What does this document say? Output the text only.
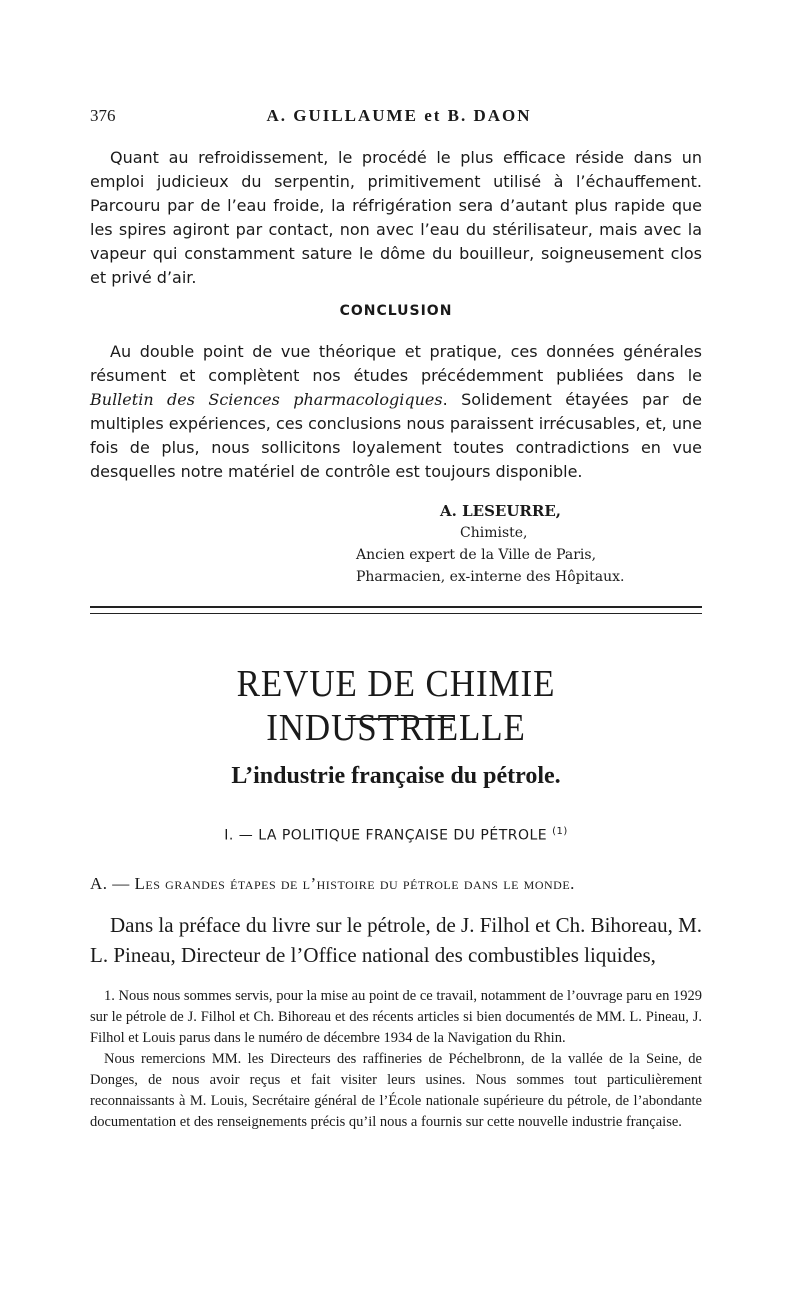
376	A. GUILLAUME et B. DAON

Quant au refroidissement, le procédé le plus efficace réside dans un emploi judicieux du serpentin, primitivement utilisé à l’échauffement. Parcouru par de l’eau froide, la réfrigération sera d’autant plus rapide que les spires agiront par contact, non avec l’eau du stérilisateur, mais avec la vapeur qui constamment sature le dôme du bouilleur, soigneusement clos et privé d’air.

CONCLUSION

Au double point de vue théorique et pratique, ces données générales résument et complètent nos études précédemment publiées dans le Bulletin des Sciences pharmacologiques. Solidement étayées par de multiples expériences, ces conclusions nous paraissent irrécusables, et, une fois de plus, nous sollicitons loyalement toutes contradictions en vue desquelles notre matériel de contrôle est toujours disponible.

A. LESEURRE,
Chimiste,
Ancien expert de la Ville de Paris,
Pharmacien, ex-interne des Hôpitaux.
REVUE DE CHIMIE INDUSTRIELLE
L’industrie française du pétrole.
I. — LA POLITIQUE FRANÇAISE DU PÉTROLE $^{(1)}$
A. — Les grandes étapes de l’histoire du pétrole dans le monde.

Dans la préface du livre sur le pétrole, de J. Filhol et Ch. Bihoreau, M. L. Pineau, Directeur de l’Office national des combustibles liquides,

1. Nous nous sommes servis, pour la mise au point de ce travail, notamment de l’ouvrage paru en 1929 sur le pétrole de J. Filhol et Ch. Bihoreau et des récents articles si bien documentés de MM. L. Pineau, J. Filhol et Louis parus dans le numéro de décembre 1934 de la Navigation du Rhin.

Nous remercions MM. les Directeurs des raffineries de Péchelbronn, de la vallée de la Seine, de Donges, de nous avoir reçus et fait visiter leurs usines. Nous sommes tout particulièrement reconnaissants à M. Louis, Secrétaire général de l’École nationale supérieure du pétrole, de l’abondante documentation et des renseignements précis qu’il nous a fournis sur cette nouvelle industrie française.
